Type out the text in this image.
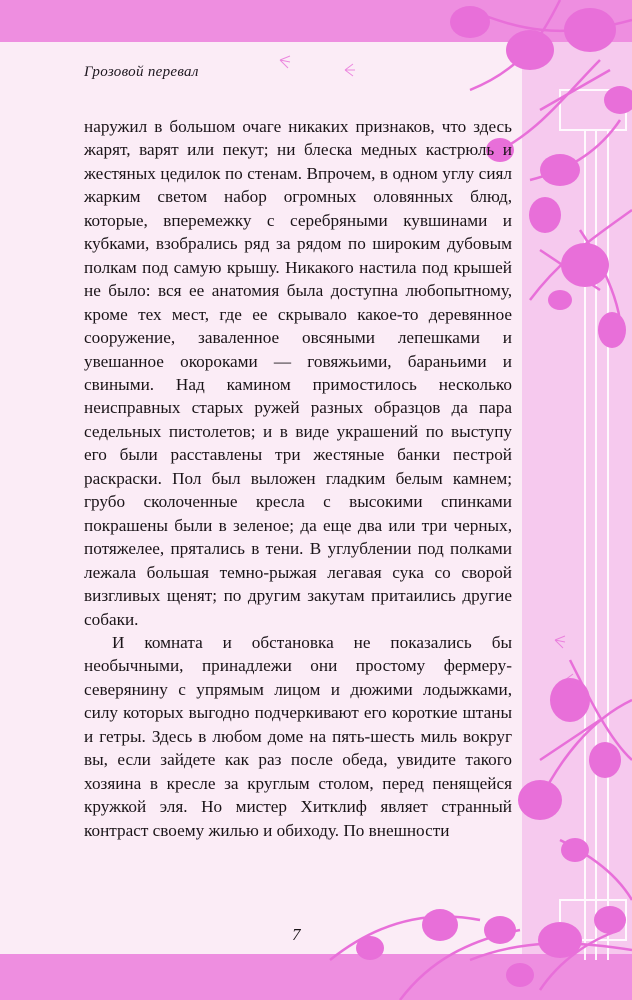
Грозовой перевал

наружил в большом очаге никаких признаков, что здесь жарят, варят или пекут; ни блеска медных кастрюль и жестяных цедилок по стенам. Впрочем, в одном углу сиял жарким светом набор огромных оловянных блюд, которые, вперемежку с серебряными кувшинами и кубками, взобрались ряд за рядом по широким дубовым полкам под самую крышу. Никакого настила под крышей не было: вся ее анатомия была доступна любопытному, кроме тех мест, где ее скрывало какое-то деревянное сооружение, заваленное овсяными лепешками и увешанное окороками — говяжьими, бараньими и свиными. Над камином примостилось несколько неисправных старых ружей разных образцов да пара седельных пистолетов; и в виде украшений по выступу его были расставлены три жестяные банки пестрой раскраски. Пол был выложен гладким белым камнем; грубо сколоченные кресла с высокими спинками покрашены были в зеленое; да еще два или три черных, потяжелее, прятались в тени. В углублении под полками лежала большая темно-рыжая легавая сука со сворой визгливых щенят; по другим закутам притаились другие собаки.

И комната и обстановка не показались бы необычными, принадлежи они простому фермеру-северянину с упрямым лицом и дюжими лодыжками, силу которых выгодно подчеркивают его короткие штаны и гетры. Здесь в любом доме на пять-шесть миль вокруг вы, если зайдете как раз после обеда, увидите такого хозяина в кресле за круглым столом, перед пенящейся кружкой эля. Но мистер Хитклиф являет странный контраст своему жилью и обиходу. По внешности

7
